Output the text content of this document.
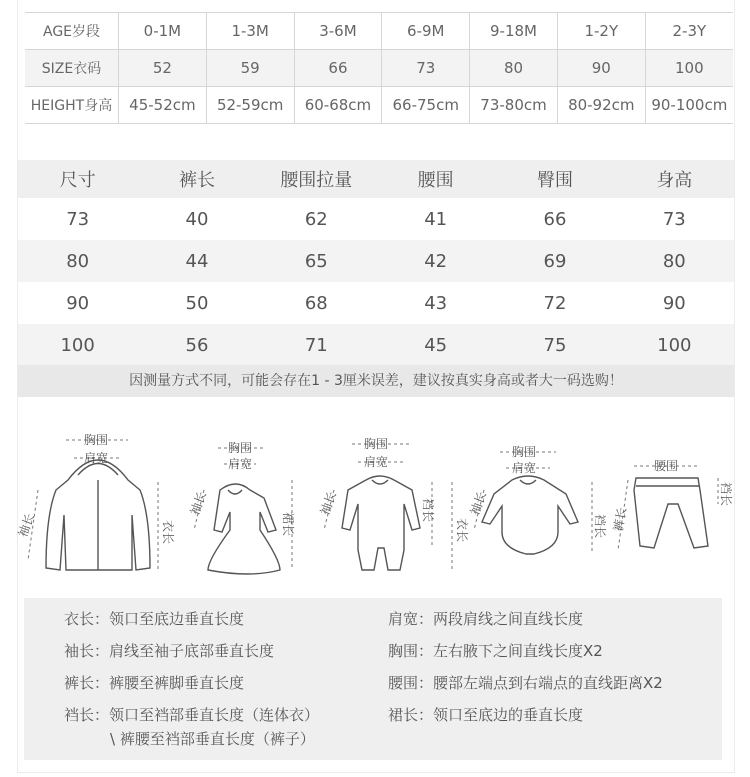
AGE岁段	0-1M	1-3M	3-6M	6-9M	9-18M	1-2Y	2-3Y
SIZE衣码	52	59	66	73	80	90	100
HEIGHT身高	45-52cm	52-59cm	60-68cm	66-75cm	73-80cm	80-92cm	90-100cm
尺寸	裤长	腰围拉量	腰围	臀围	身高
73	40	62	41	66	73
80	44	65	42	69	80
90	50	68	43	72	90
100	56	71	45	75	100
因测量方式不同，可能会存在1 - 3厘米误差，建议按真实身高或者大一码选购！
胸围
肩宽
袖长	衣长
胸围
肩宽
袖长
裙长
胸围
肩宽
袖长	裆长
衣长
胸围
肩宽
袖长
裆长
腰围
裤长
裆长
衣长：领口至底边垂直长度
袖长：肩线至袖子底部垂直长度
裤长：裤腰至裤脚垂直长度
裆长：领口至裆部垂直长度（连体衣）
\ 裤腰至裆部垂直长度（裤子）
肩宽：两段肩线之间直线长度
胸围：左右腋下之间直线长度X2
腰围：腰部左端点到右端点的直线距离X2
裙长：领口至底边的垂直长度
